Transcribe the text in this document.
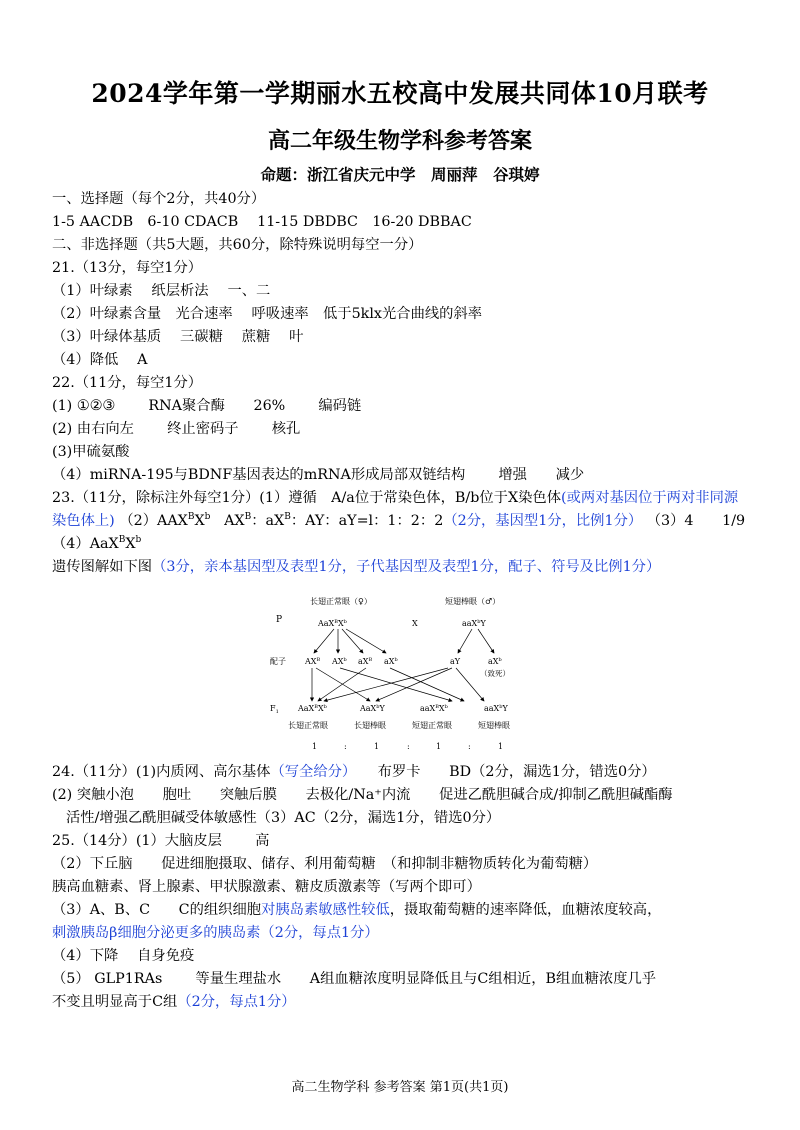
2024学年第一学期丽水五校高中发展共同体10月联考
高二年级生物学科参考答案
命题：浙江省庆元中学　周丽萍　谷琪婷
一、选择题（每个2分，共40分）
1-5 AACDB　6-10 CDACB　 11-15 DBDBC　16-20 DBBAC
二、非选择题（共5大题，共60分，除特殊说明每空一分）
21.（13分，每空1分）
（1）叶绿素　 纸层析法　 一、二
（2）叶绿素含量　光合速率　 呼吸速率　低于5klx光合曲线的斜率
（3）叶绿体基质　 三碳糖　 蔗糖　 叶
（4）降低　 A
22.（11分，每空1分）
(1) ①②③　　 RNA聚合酶　　26%　　 编码链
(2) 由右向左　　 终止密码子　　 核孔
(3)甲硫氨酸
（4）miRNA-195与BDNF基因表达的mRNA形成局部双链结构　　 增强　　减少
23.（11分，除标注外每空1分）(1）遵循　A/a位于常染色体，B/b位于X染色体(或两对基因位于两对非同源染色体上) $(2)AAX^BX^b$ $AX^B$：$aX^B$：AY：aY=l：1：2：2（2分，基因型1分，比例1分） （3）4　　1/9　$(4)AaX^BX^b$
遗传图解如下图（3分，亲本基因型及表型1分，子代基因型及表型1分，配子、符号及比例1分）
P
长翅正常眼（♀）	短翅棒眼（♂）
$AaX^BX^b$	X	aaX$^b$Y
配子 $AX^B$ $AX^b$ $aX^B$ $aX^b$	aY	$aX^b$
（致死）
$F_1$ $AaX^BX^b$	AaX$^b$Y	$aaX^BX^b$	aaX$^b$Y
长翅正常眼	长翅棒眼	短翅正常眼	短翅棒眼
1	:	1	:	1	:	1
24.（11分）(1)内质网、高尔基体（写全给分）　　布罗卡　　BD（2分，漏选1分，错选0分）
(2) 突触小泡　　胞吐　　突触后膜　　去极化/Na⁺内流　　促进乙酰胆碱合成/抑制乙酰胆碱酯酶
活性/增强乙酰胆碱受体敏感性（3）AC（2分，漏选1分，错选0分）
25.（14分）(1）大脑皮层　　 高
（2）下丘脑　　促进细胞摄取、储存、利用葡萄糖　（和抑制非糖物质转化为葡萄糖）
胰高血糖素、肾上腺素、甲状腺激素、糖皮质激素等（写两个即可）
（3）A、B、C　　C的组织细胞对胰岛素敏感性较低，摄取葡萄糖的速率降低，血糖浓度较高，
刺激胰岛β细胞分泌更多的胰岛素（2分，每点1分）
（4）下降　 自身免疫
（5） GLP1RAs　　 等量生理盐水　　A组血糖浓度明显降低且与C组相近，B组血糖浓度几乎
不变且明显高于C组（2分，每点1分）
高二生物学科 参考答案 第1页(共1页)
